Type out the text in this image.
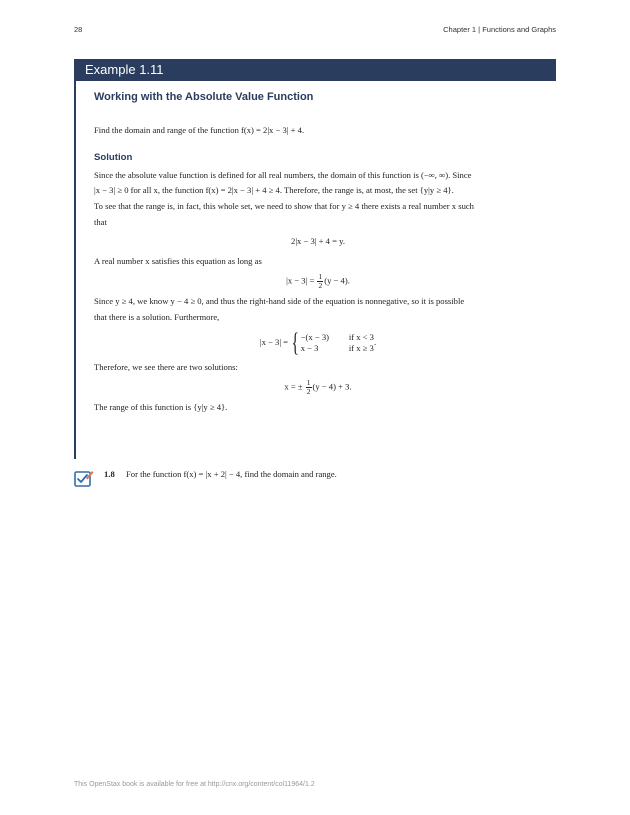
28	Chapter 1 | Functions and Graphs
Example 1.11
Working with the Absolute Value Function

Find the domain and range of the function f(x) = 2|x − 3| + 4.

Solution

Since the absolute value function is defined for all real numbers, the domain of this function is (−∞, ∞). Since

|x − 3| ≥ 0 for all x, the function f(x) = 2|x − 3| + 4 ≥ 4. Therefore, the range is, at most, the set {y|y ≥ 4}.

To see that the range is, in fact, this whole set, we need to show that for y ≥ 4 there exists a real number x such

that

2|x − 3| + 4 = y.

A real number x satisfies this equation as long as

$|x - 3| = \frac{1}{2} (y - 4)$.

Since y ≥ 4, we know y − 4 ≥ 0, and thus the right-hand side of the equation is nonnegative, so it is possible

that there is a solution. Furthermore,

|x − 3| = { −(x − 3) if x < 3
x − 3	if x ≥ 3
.

Therefore, we see there are two solutions:

x = ± $\frac{1}{2} (y - 4) + 3$.

The range of this function is {y|y ≥ 4}.

1.8 For the function f(x) = |x + 2| − 4, find the domain and range.
This OpenStax book is available for free at http://cnx.org/content/col11964/1.2
